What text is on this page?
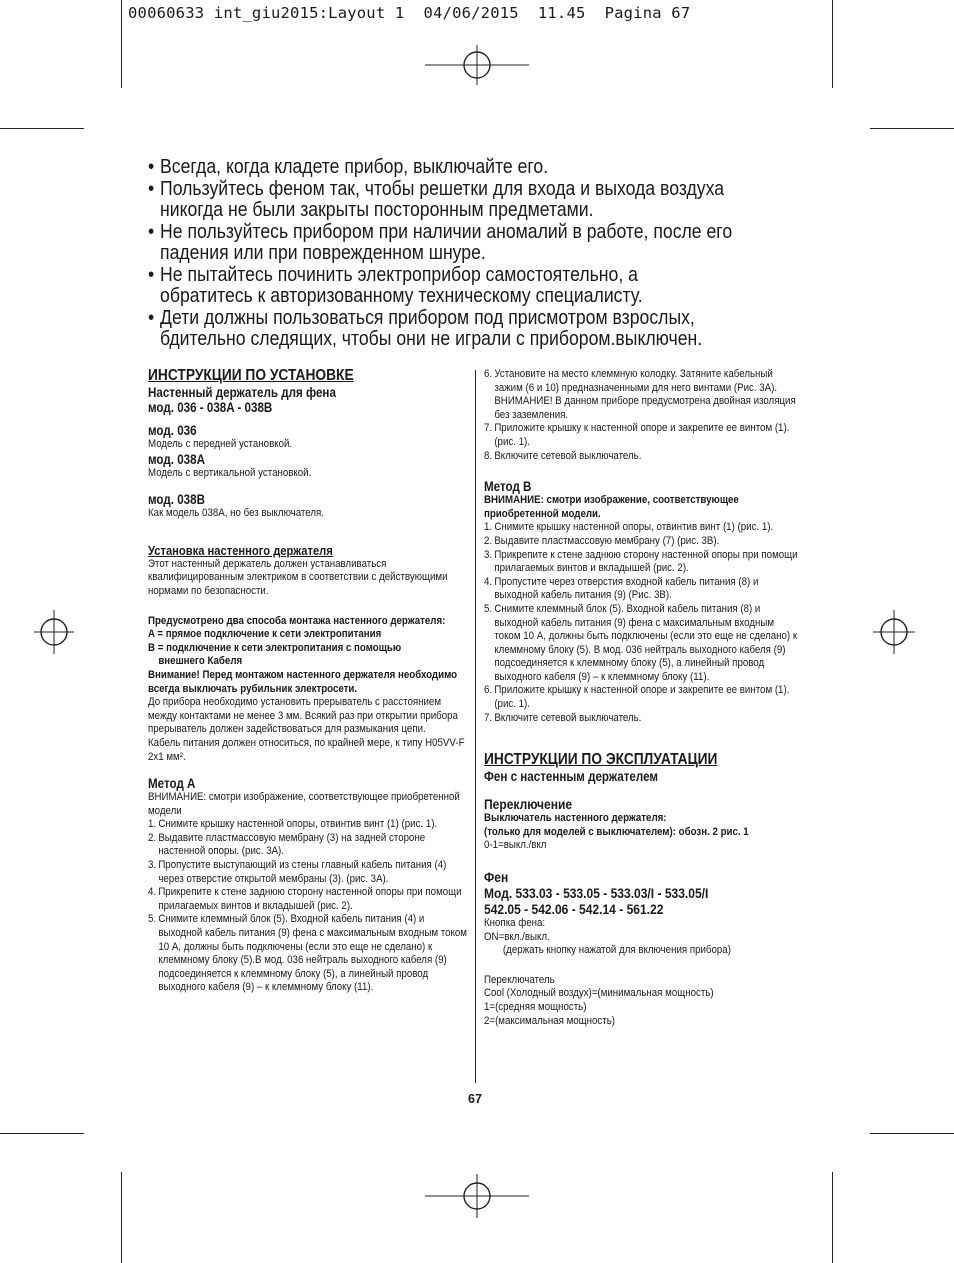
00060633 int_giu2015:Layout 1  04/06/2015  11.45  Pagina 67
• Всегда, когда кладете прибор, выключайте его.
• Пользуйтесь феном так, чтобы решетки для входа и выхода воздуха никогда не были закрыты посторонным предметами.
• Не пользуйтесь прибором при наличии аномалий в работе, после его падения или при поврежденном шнуре.
• Не пытайтесь починить электроприбор самостоятельно, а обратитесь к авторизованному техническому специалисту.
• Дети должны пользоваться прибором под присмотром взрослых, бдительно следящих, чтобы они не играли с прибором.выключен.
ИНСТРУКЦИИ ПО УСТАНОВКЕ
Настенный держатель для фена
мод. 036 - 038A - 038B
мод. 036
Модель с передней установкой.
мод. 038A
Модель с вертикальной установкой.
мод. 038B
Как модель 038A, но без выключателя.
Установка настенного держателя
Этот настенный держатель должен устанавливаться квалифицированным электриком в соответствии с действующими нормами по безопасности.
Предусмотрено два способа монтажа настенного держателя:
A = прямое подключение к сети электропитания
B = подключение к сети электропитания с помощью
внешнего Кабеля
Внимание! Перед монтажом настенного держателя необходимо всегда выключать рубильник электросети.
До прибора необходимо установить прерыватель с расстоянием между контактами не менее 3 мм. Всякий раз при открытии прибора прерыватель должен задействоваться для размыкания цепи.
Кабель питания должен относиться, по крайней мере, к типу H05VV-F 2x1 мм².
Метод A
ВНИМАНИЕ: смотри изображение, соответствующее приобретенной модели
1. Снимите крышку настенной опоры, отвинтив винт (1) (рис. 1).
2. Выдавите пластмассовую мембрану (3) на задней стороне настенной опоры. (рис. 3A).
3. Пропустите выступающий из стены главный кабель питания (4) через отверстие открытой мембраны (3). (рис. 3A).
4. Прикрепите к стене заднюю сторону настенной опоры при помощи прилагаемых винтов и вкладышей (рис. 2).
5. Снимите клеммный блок (5). Входной кабель питания (4) и выходной кабель питания (9) фена с максимальным входным током 10 A, должны быть подключены (если это еще не сделано) к клеммному блоку (5).В мод. 036 нейтраль выходного кабеля (9) подсоединяется к клеммному блоку (5), а линейный провод выходного кабеля (9) – к клеммному блоку (11).
6. Установите на место клеммную колодку. Затяните кабельный зажим (6 и 10) предназначенными для него винтами (Рис. 3A). ВНИМАНИЕ! В данном приборе предусмотрена двойная изоляция без заземления.
7. Приложите крышку к настенной опоре и закрепите ее винтом (1).(рис. 1).
8. Включите сетевой выключатель.
Метод B
ВНИМАНИЕ: смотри изображение, соответствующее приобретенной модели.
1. Снимите крышку настенной опоры, отвинтив винт (1) (рис. 1).
2. Выдавите пластмассовую мембрану (7) (рис. 3B).
3. Прикрепите к стене заднюю сторону настенной опоры при помощи прилагаемых винтов и вкладышей (рис. 2).
4. Пропустите через отверстия входной кабель питания (8) и выходной кабель питания (9) (Рис. 3B).
5. Снимите клеммный блок (5). Входной кабель питания (8) и выходной кабель питания (9) фена с максимальным входным током 10 A, должны быть подключены (если это еще не сделано) к клеммному блоку (5). В мод. 036 нейтраль выходного кабеля (9) подсоединяется к клеммному блоку (5), а линейный провод выходного кабеля (9) – к клеммному блоку (11).
6. Приложите крышку к настенной опоре и закрепите ее винтом (1).(рис. 1).
7. Включите сетевой выключатель.
ИНСТРУКЦИИ ПО ЭКСПЛУАТАЦИИ
Фен с настенным держателем
Переключение
Выключатель настенного держателя:
(только для моделей с выключателем): обозн. 2 рис. 1
0-1=выкл./вкл
Фен
Мод. 533.03 - 533.05 - 533.03/I - 533.05/I
542.05 - 542.06 - 542.14 - 561.22
Кнопка фена:
ON=вкл./выкл.
(держать кнопку нажатой для включения прибора)
Переключатель
Cool (Холодный воздух)=(минимальная мощность)
1=(средняя мощность)
2=(максимальная мощность)
67
